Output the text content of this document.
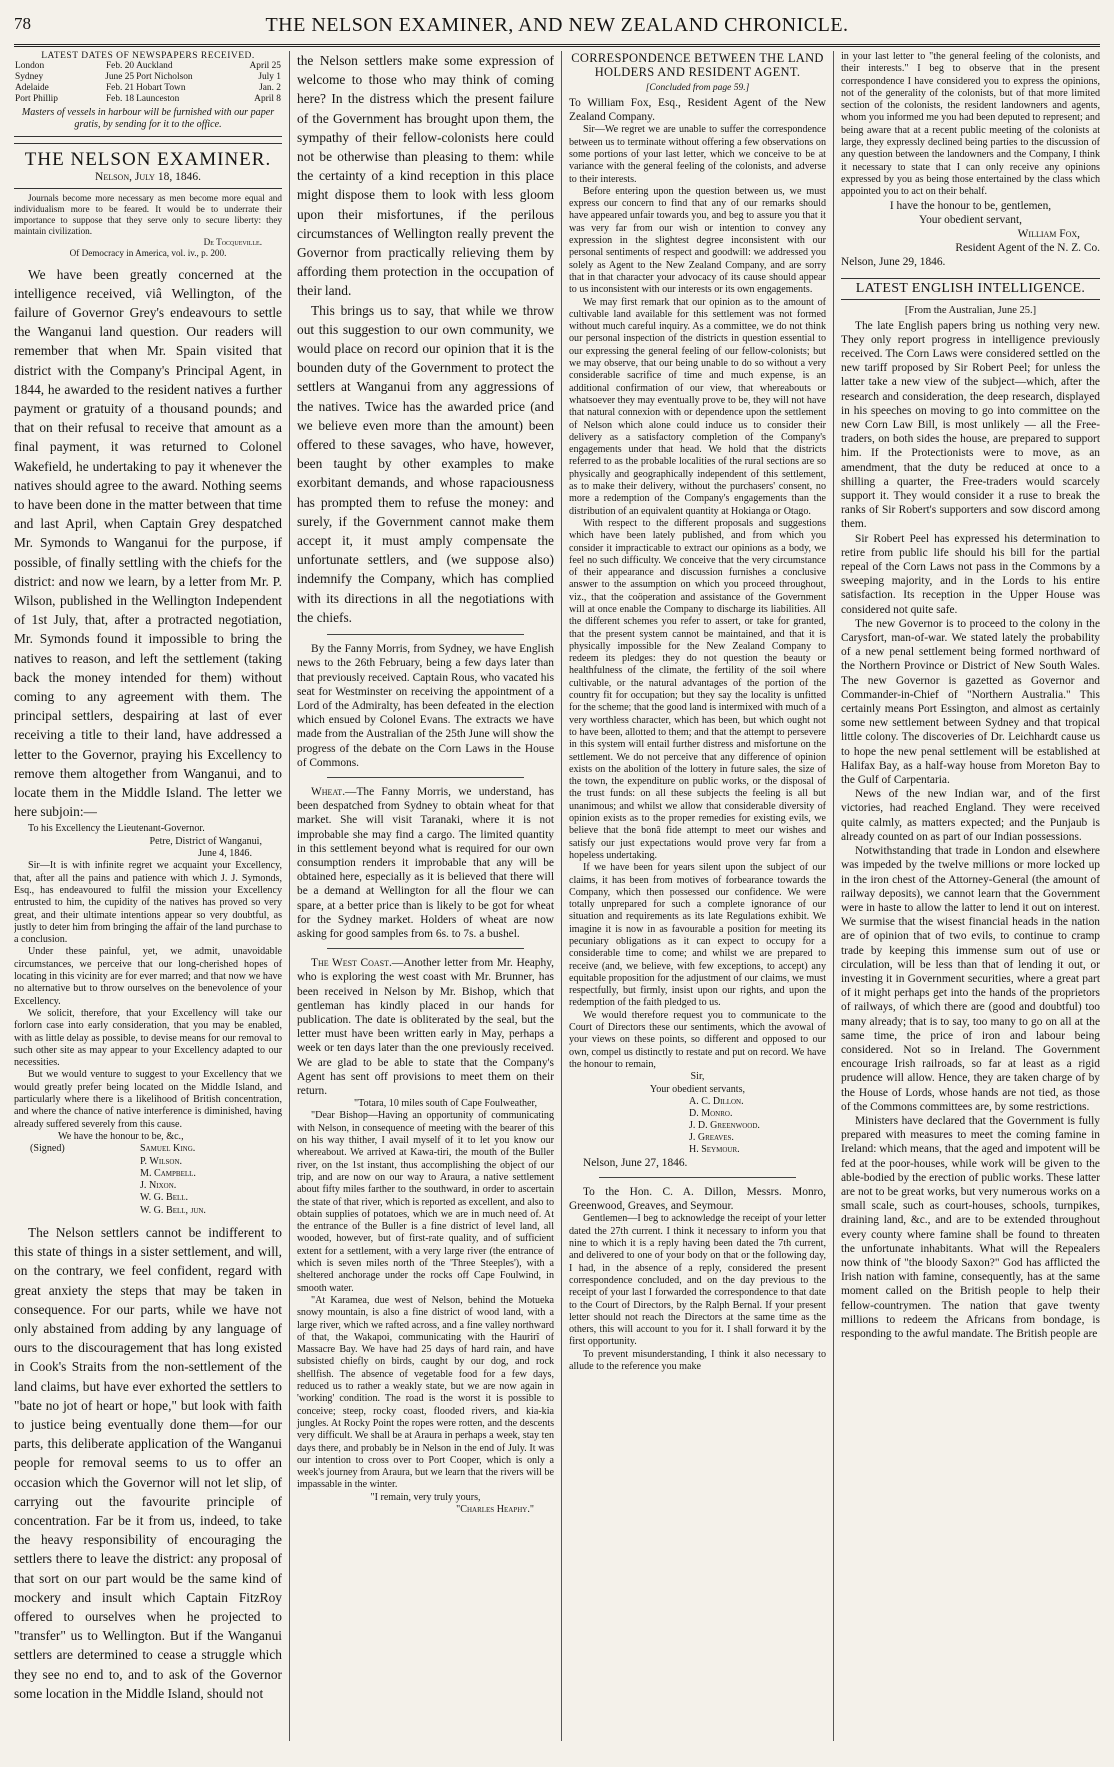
78	THE NELSON EXAMINER, AND NEW ZEALAND CHRONICLE.
LATEST DATES OF NEWSPAPERS RECEIVED.
London	Feb. 20	Auckland	April 25
Sydney	June 25	Port Nicholson	July 1
Adelaide	Feb. 21	Hobart Town	Jan. 2
Port Phillip	Feb. 18	Launceston	April 8
Masters of vessels in harbour will be furnished with our paper gratis, by sending for it to the office.
THE NELSON EXAMINER.
Nelson, July 18, 1846.

Journals become more necessary as men become more equal and individualism more to be feared. It would be to underrate their importance to suppose that they serve only to secure liberty: they maintain civilization.

De Tocqueville.
Of Democracy in America, vol. iv., p. 200.

We have been greatly concerned at the intelligence received, viâ Wellington, of the failure of Governor Grey's endeavours to settle the Wanganui land question. Our readers will remember that when Mr. Spain visited that district with the Company's Principal Agent, in 1844, he awarded to the resident natives a further payment or gratuity of a thousand pounds; and that on their refusal to receive that amount as a final payment, it was returned to Colonel Wakefield, he undertaking to pay it whenever the natives should agree to the award. Nothing seems to have been done in the matter between that time and last April, when Captain Grey despatched Mr. Symonds to Wanganui for the purpose, if possible, of finally settling with the chiefs for the district: and now we learn, by a letter from Mr. P. Wilson, published in the Wellington Independent of 1st July, that, after a protracted negotiation, Mr. Symonds found it impossible to bring the natives to reason, and left the settlement (taking back the money intended for them) without coming to any agreement with them. The principal settlers, despairing at last of ever receiving a title to their land, have addressed a letter to the Governor, praying his Excellency to remove them altogether from Wanganui, and to locate them in the Middle Island. The letter we here subjoin:—

To his Excellency the Lieutenant-Governor.

Petre, District of Wanganui,
June 4, 1846.

Sir—It is with infinite regret we acquaint your Excellency, that, after all the pains and patience with which J. J. Symonds, Esq., has endeavoured to fulfil the mission your Excellency entrusted to him, the cupidity of the natives has proved so very great, and their ultimate intentions appear so very doubtful, as justly to deter him from bringing the affair of the land purchase to a conclusion.

Under these painful, yet, we admit, unavoidable circumstances, we perceive that our long-cherished hopes of locating in this vicinity are for ever marred; and that now we have no alternative but to throw ourselves on the benevolence of your Excellency.

We solicit, therefore, that your Excellency will take our forlorn case into early consideration, that you may be enabled, with as little delay as possible, to devise means for our removal to such other site as may appear to your Excellency adapted to our necessities.

But we would venture to suggest to your Excellency that we would greatly prefer being located on the Middle Island, and particularly where there is a likelihood of British concentration, and where the chance of native interference is diminished, having already suffered severely from this cause.

We have the honour to be, &c.,

(Signed)	Samuel King.
P. Wilson.
M. Campbell.
J. Nixon.
W. G. Bell.
W. G. Bell, jun.

The Nelson settlers cannot be indifferent to this state of things in a sister settlement, and will, on the contrary, we feel confident, regard with great anxiety the steps that may be taken in consequence. For our parts, while we have not only abstained from adding by any language of ours to the discouragement that has long existed in Cook's Straits from the non-settlement of the land claims, but have ever exhorted the settlers to "bate no jot of heart or hope," but look with faith to justice being eventually done them—for our parts, this deliberate application of the Wanganui people for removal seems to us to offer an occasion which the Governor will not let slip, of carrying out the favourite principle of concentration. Far be it from us, indeed, to take the heavy responsibility of encouraging the settlers there to leave the district: any proposal of that sort on our part would be the same kind of mockery and insult which Captain FitzRoy offered to ourselves when he projected to "transfer" us to Wellington. But if the Wanganui settlers are determined to cease a struggle which they see no end to, and to ask of the Governor some location in the Middle Island, should not

the Nelson settlers make some expression of welcome to those who may think of coming here? In the distress which the present failure of the Government has brought upon them, the sympathy of their fellow-colonists here could not be otherwise than pleasing to them: while the certainty of a kind reception in this place might dispose them to look with less gloom upon their misfortunes, if the perilous circumstances of Wellington really prevent the Governor from practically relieving them by affording them protection in the occupation of their land.

This brings us to say, that while we throw out this suggestion to our own community, we would place on record our opinion that it is the bounden duty of the Government to protect the settlers at Wanganui from any aggressions of the natives. Twice has the awarded price (and we believe even more than the amount) been offered to these savages, who have, however, been taught by other examples to make exorbitant demands, and whose rapaciousness has prompted them to refuse the money: and surely, if the Government cannot make them accept it, it must amply compensate the unfortunate settlers, and (we suppose also) indemnify the Company, which has complied with its directions in all the negotiations with the chiefs.

By the Fanny Morris, from Sydney, we have English news to the 26th February, being a few days later than that previously received. Captain Rous, who vacated his seat for Westminster on receiving the appointment of a Lord of the Admiralty, has been defeated in the election which ensued by Colonel Evans. The extracts we have made from the Australian of the 25th June will show the progress of the debate on the Corn Laws in the House of Commons.

Wheat.—The Fanny Morris, we understand, has been despatched from Sydney to obtain wheat for that market. She will visit Taranaki, where it is not improbable she may find a cargo. The limited quantity in this settlement beyond what is required for our own consumption renders it improbable that any will be obtained here, especially as it is believed that there will be a demand at Wellington for all the flour we can spare, at a better price than is likely to be got for wheat for the Sydney market. Holders of wheat are now asking for good samples from 6s. to 7s. a bushel.

The West Coast.—Another letter from Mr. Heaphy, who is exploring the west coast with Mr. Brunner, has been received in Nelson by Mr. Bishop, which that gentleman has kindly placed in our hands for publication. The date is obliterated by the seal, but the letter must have been written early in May, perhaps a week or ten days later than the one previously received. We are glad to be able to state that the Company's Agent has sent off provisions to meet them on their return.

"Totara, 10 miles south of Cape Foulweather,

"Dear Bishop—Having an opportunity of communicating with Nelson, in consequence of meeting with the bearer of this on his way thither, I avail myself of it to let you know our whereabout. We arrived at Kawa-tiri, the mouth of the Buller river, on the 1st instant, thus accomplishing the object of our trip, and are now on our way to Araura, a native settlement about fifty miles farther to the southward, in order to ascertain the state of that river, which is reported as excellent, and also to obtain supplies of potatoes, which we are in much need of. At the entrance of the Buller is a fine district of level land, all wooded, however, but of first-rate quality, and of sufficient extent for a settlement, with a very large river (the entrance of which is seven miles north of the 'Three Steeples'), with a sheltered anchorage under the rocks off Cape Foulwind, in smooth water.

"At Karamea, due west of Nelson, behind the Motueka snowy mountain, is also a fine district of wood land, with a large river, which we rafted across, and a fine valley northward of that, the Wakapoi, communicating with the Haurirî of Massacre Bay. We have had 25 days of hard rain, and have subsisted chiefly on birds, caught by our dog, and rock shellfish. The absence of vegetable food for a few days, reduced us to rather a weakly state, but we are now again in 'working' condition. The road is the worst it is possible to conceive; steep, rocky coast, flooded rivers, and kia-kia jungles. At Rocky Point the ropes were rotten, and the descents very difficult. We shall be at Araura in perhaps a week, stay ten days there, and probably be in Nelson in the end of July. It was our intention to cross over to Port Cooper, which is only a week's journey from Araura, but we learn that the rivers will be impassable in the winter.

"I remain, very truly yours,
"Charles Heaphy."
CORRESPONDENCE BETWEEN THE LAND HOLDERS AND RESIDENT AGENT.
[Concluded from page 59.]

To William Fox, Esq., Resident Agent of the New Zealand Company.

Sir—We regret we are unable to suffer the correspondence between us to terminate without offering a few observations on some portions of your last letter, which we conceive to be at variance with the general feeling of the colonists, and adverse to their interests.

Before entering upon the question between us, we must express our concern to find that any of our remarks should have appeared unfair towards you, and beg to assure you that it was very far from our wish or intention to convey any expression in the slightest degree inconsistent with our personal sentiments of respect and goodwill: we addressed you solely as Agent to the New Zealand Company, and are sorry that in that character your advocacy of its cause should appear to us inconsistent with our interests or its own engagements.

We may first remark that our opinion as to the amount of cultivable land available for this settlement was not formed without much careful inquiry. As a committee, we do not think our personal inspection of the districts in question essential to our expressing the general feeling of our fellow-colonists; but we may observe, that our being unable to do so without a very considerable sacrifice of time and much expense, is an additional confirmation of our view, that whereabouts or whatsoever they may eventually prove to be, they will not have that natural connexion with or dependence upon the settlement of Nelson which alone could induce us to consider their delivery as a satisfactory completion of the Company's engagements under that head. We hold that the districts referred to as the probable localities of the rural sections are so physically and geographically independent of this settlement, as to make their delivery, without the purchasers' consent, no more a redemption of the Company's engagements than the distribution of an equivalent quantity at Hokianga or Otago.

With respect to the different proposals and suggestions which have been lately published, and from which you consider it impracticable to extract our opinions as a body, we feel no such difficulty. We conceive that the very circumstance of their appearance and discussion furnishes a conclusive answer to the assumption on which you proceed throughout, viz., that the coöperation and assistance of the Government will at once enable the Company to discharge its liabilities. All the different schemes you refer to assert, or take for granted, that the present system cannot be maintained, and that it is physically impossible for the New Zealand Company to redeem its pledges: they do not question the beauty or healthfulness of the climate, the fertility of the soil where cultivable, or the natural advantages of the portion of the country fit for occupation; but they say the locality is unfitted for the scheme; that the good land is intermixed with much of a very worthless character, which has been, but which ought not to have been, allotted to them; and that the attempt to persevere in this system will entail further distress and misfortune on the settlement. We do not perceive that any difference of opinion exists on the abolition of the lottery in future sales, the size of the town, the expenditure on public works, or the disposal of the trust funds: on all these subjects the feeling is all but unanimous; and whilst we allow that considerable diversity of opinion exists as to the proper remedies for existing evils, we believe that the bonâ fide attempt to meet our wishes and satisfy our just expectations would prove very far from a hopeless undertaking.

If we have been for years silent upon the subject of our claims, it has been from motives of forbearance towards the Company, which then possessed our confidence. We were totally unprepared for such a complete ignorance of our situation and requirements as its late Regulations exhibit. We imagine it is now in as favourable a position for meeting its pecuniary obligations as it can expect to occupy for a considerable time to come; and whilst we are prepared to receive (and, we believe, with few exceptions, to accept) any equitable proposition for the adjustment of our claims, we must respectfully, but firmly, insist upon our rights, and upon the redemption of the faith pledged to us.

We would therefore request you to communicate to the Court of Directors these our sentiments, which the avowal of your views on these points, so different and opposed to our own, compel us distinctly to restate and put on record. We have the honour to remain,

Sir,
Your obedient servants,
A. C. Dillon.
D. Monro.
J. D. Greenwood.
J. Greaves.
H. Seymour.

Nelson, June 27, 1846.

To the Hon. C. A. Dillon, Messrs. Monro, Greenwood, Greaves, and Seymour.

Gentlemen—I beg to acknowledge the receipt of your letter dated the 27th current. I think it necessary to inform you that nine to which it is a reply having been dated the 7th current, and delivered to one of your body on that or the following day, I had, in the absence of a reply, considered the present correspondence concluded, and on the day previous to the receipt of your last I forwarded the correspondence to that date to the Court of Directors, by the Ralph Bernal. If your present letter should not reach the Directors at the same time as the others, this will account to you for it. I shall forward it by the first opportunity.

To prevent misunderstanding, I think it also necessary to allude to the reference you make

in your last letter to "the general feeling of the colonists, and their interests." I beg to observe that in the present correspondence I have considered you to express the opinions, not of the generality of the colonists, but of that more limited section of the colonists, the resident landowners and agents, whom you informed me you had been deputed to represent; and being aware that at a recent public meeting of the colonists at large, they expressly declined being parties to the discussion of any question between the landowners and the Company, I think it necessary to state that I can only receive any opinions expressed by you as being those entertained by the class which appointed you to act on their behalf.

I have the honour to be, gentlemen,
Your obedient servant,
William Fox,
Resident Agent of the N. Z. Co.
Nelson, June 29, 1846.
LATEST ENGLISH INTELLIGENCE.
[From the Australian, June 25.]

The late English papers bring us nothing very new. They only report progress in intelligence previously received. The Corn Laws were considered settled on the new tariff proposed by Sir Robert Peel; for unless the latter take a new view of the subject—which, after the research and consideration, the deep research, displayed in his speeches on moving to go into committee on the new Corn Law Bill, is most unlikely — all the Free-traders, on both sides the house, are prepared to support him. If the Protectionists were to move, as an amendment, that the duty be reduced at once to a shilling a quarter, the Free-traders would scarcely support it. They would consider it a ruse to break the ranks of Sir Robert's supporters and sow discord among them.

Sir Robert Peel has expressed his determination to retire from public life should his bill for the partial repeal of the Corn Laws not pass in the Commons by a sweeping majority, and in the Lords to his entire satisfaction. Its reception in the Upper House was considered not quite safe.

The new Governor is to proceed to the colony in the Carysfort, man-of-war. We stated lately the probability of a new penal settlement being formed northward of the Northern Province or District of New South Wales. The new Governor is gazetted as Governor and Commander-in-Chief of "Northern Australia." This certainly means Port Essington, and almost as certainly some new settlement between Sydney and that tropical little colony. The discoveries of Dr. Leichhardt cause us to hope the new penal settlement will be established at Halifax Bay, as a half-way house from Moreton Bay to the Gulf of Carpentaria.

News of the new Indian war, and of the first victories, had reached England. They were received quite calmly, as matters expected; and the Punjaub is already counted on as part of our Indian possessions.

Notwithstanding that trade in London and elsewhere was impeded by the twelve millions or more locked up in the iron chest of the Attorney-General (the amount of railway deposits), we cannot learn that the Government were in haste to allow the latter to lend it out on interest. We surmise that the wisest financial heads in the nation are of opinion that of two evils, to continue to cramp trade by keeping this immense sum out of use or circulation, will be less than that of lending it out, or investing it in Government securities, where a great part of it might perhaps get into the hands of the proprietors of railways, of which there are (good and doubtful) too many already; that is to say, too many to go on all at the same time, the price of iron and labour being considered. Not so in Ireland. The Government encourage Irish railroads, so far at least as a rigid prudence will allow. Hence, they are taken charge of by the House of Lords, whose hands are not tied, as those of the Commons committees are, by some restrictions.

Ministers have declared that the Government is fully prepared with measures to meet the coming famine in Ireland: which means, that the aged and impotent will be fed at the poor-houses, while work will be given to the able-bodied by the erection of public works. These latter are not to be great works, but very numerous works on a small scale, such as court-houses, schools, turnpikes, draining land, &c., and are to be extended throughout every county where famine shall be found to threaten the unfortunate inhabitants. What will the Repealers now think of "the bloody Saxon?" God has afflicted the Irish nation with famine, consequently, has at the same moment called on the British people to help their fellow-countrymen. The nation that gave twenty millions to redeem the Africans from bondage, is responding to the awful mandate. The British people are
